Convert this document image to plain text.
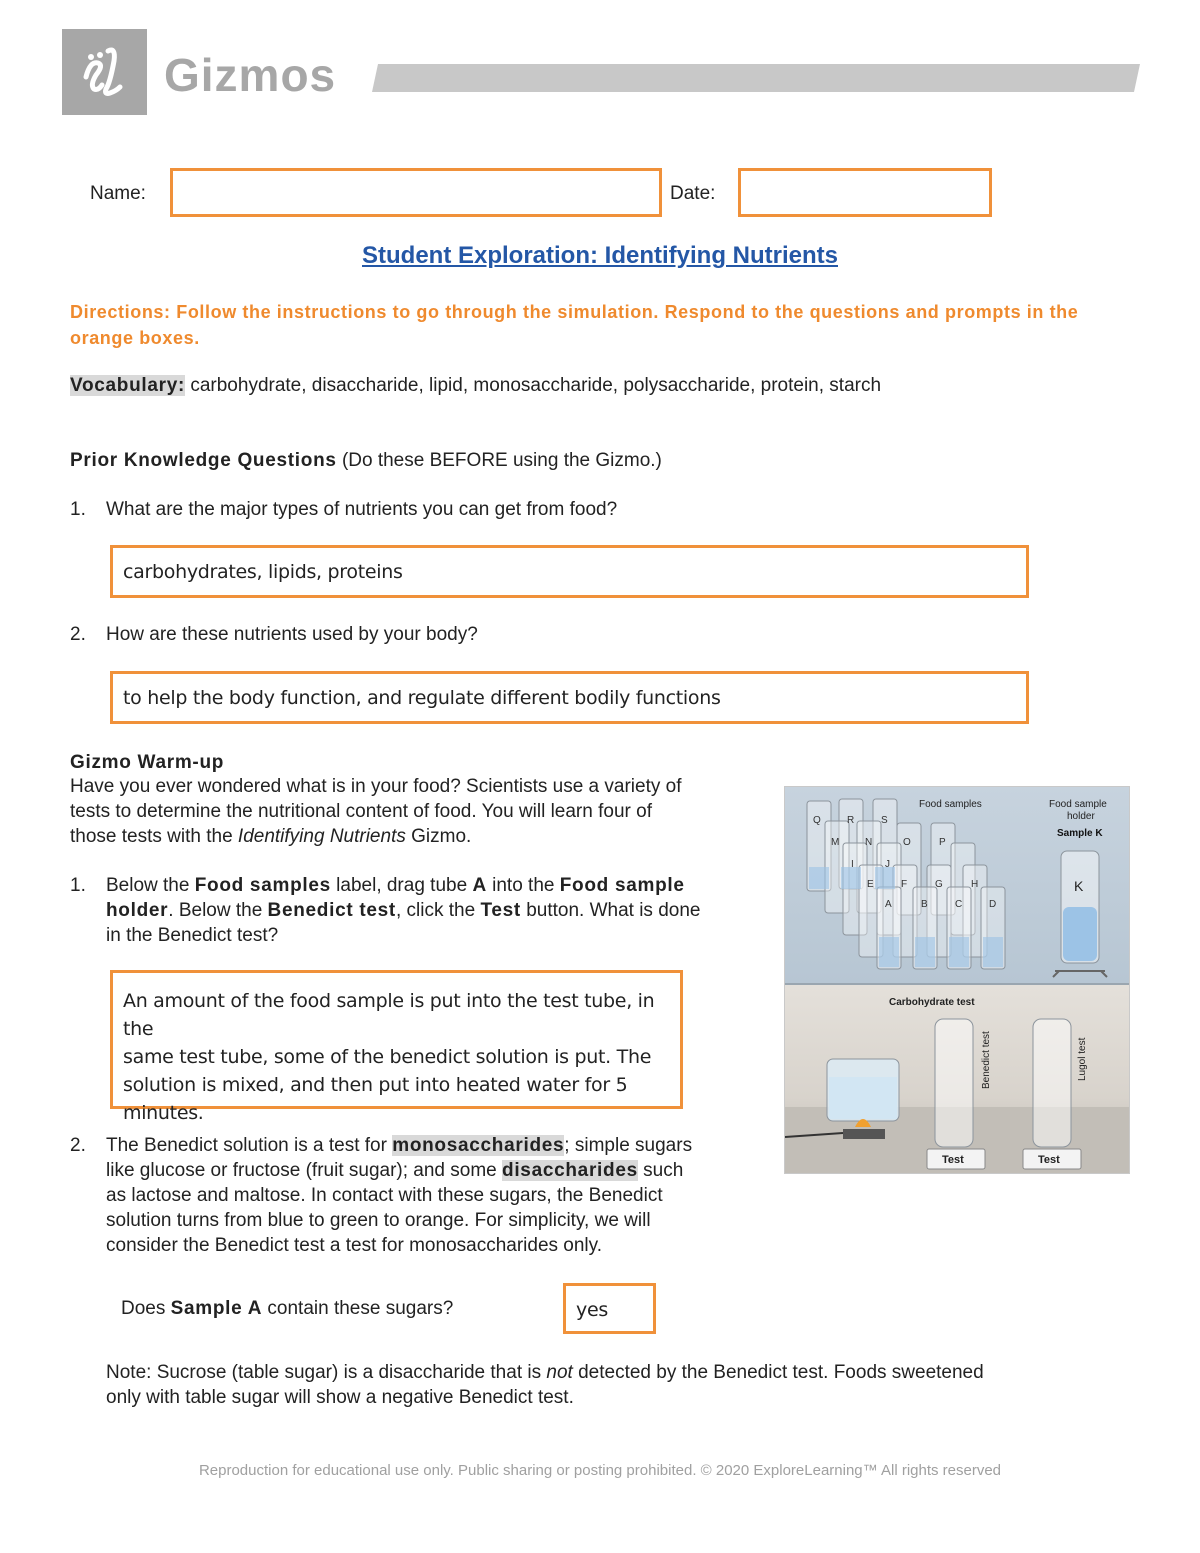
Gizmos
Name:	Date:
Student Exploration: Identifying Nutrients
Directions: Follow the instructions to go through the simulation. Respond to the questions and prompts in the orange boxes.
Vocabulary: carbohydrate, disaccharide, lipid, monosaccharide, polysaccharide, protein, starch
Prior Knowledge Questions (Do these BEFORE using the Gizmo.)
1. What are the major types of nutrients you can get from food?
carbohydrates, lipids, proteins
2. How are these nutrients used by your body?
to help the body function, and regulate different bodily functions
Gizmo Warm-up
Have you ever wondered what is in your food? Scientists use a variety of
tests to determine the nutritional content of food. You will learn four of
those tests with the Identifying Nutrients Gizmo.
1. Below the Food samples label, drag tube A into the Food sample
holder. Below the Benedict test, click the Test button. What is done
in the Benedict test?
An amount of the food sample is put into the test tube, in the
same test tube, some of the benedict solution is put. The
solution is mixed, and then put into heated water for 5
minutes.
2. The Benedict solution is a test for monosaccharides; simple sugars
like glucose or fructose (fruit sugar); and some disaccharides such
as lactose and maltose. In contact with these sugars, the Benedict
solution turns from blue to green to orange. For simplicity, we will
consider the Benedict test a test for monosaccharides only.
Does Sample A contain these sugars?	yes
Note: Sucrose (table sugar) is a disaccharide that is not detected by the Benedict test. Foods sweetened
only with table sugar will show a negative Benedict test.
Food samples	Food sample
holder
Sample K
Q	R	S
M	N	O	P
I	J
E	F	G	H
A	B	C	D
K
Carbohydrate test
Benedict test	Lugol test
Test	Test
Reproduction for educational use only. Public sharing or posting prohibited. © 2020 ExploreLearning™ All rights reserved
